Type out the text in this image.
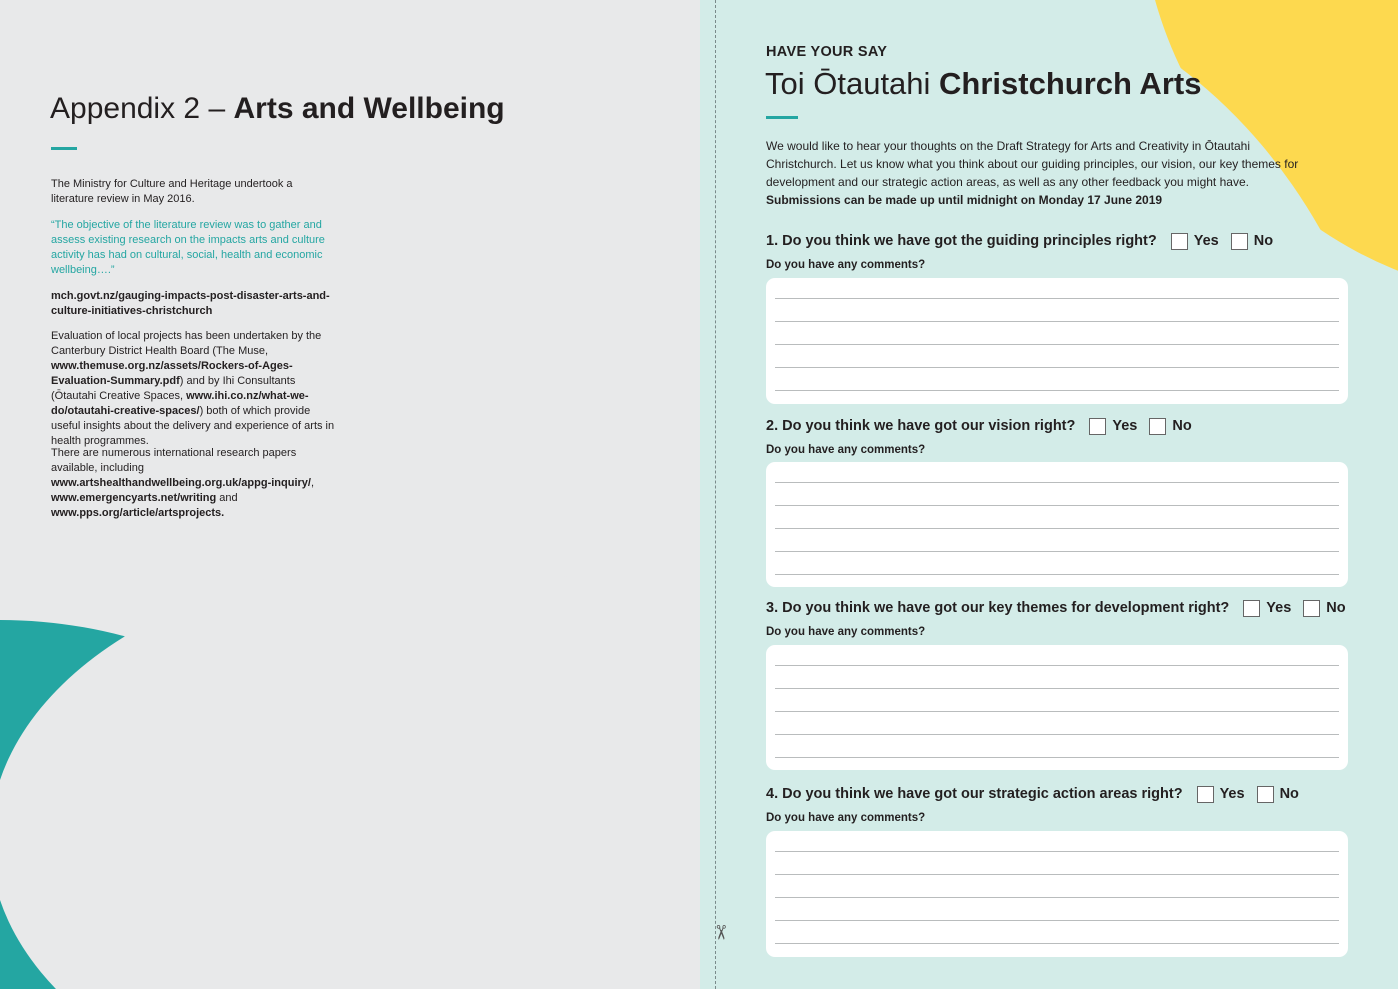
Appendix 2 – Arts and Wellbeing

The Ministry for Culture and Heritage undertook a literature review in May 2016.

“The objective of the literature review was to gather and assess existing research on the impacts arts and culture activity has had on cultural, social, health and economic wellbeing….”

mch.govt.nz/gauging-impacts-post-disaster-arts-and-culture-initiatives-christchurch

Evaluation of local projects has been undertaken by the Canterbury District Health Board (The Muse, www.themuse.org.nz/assets/Rockers-of-Ages-Evaluation-Summary.pdf) and by Ihi Consultants (Ōtautahi Creative Spaces, www.ihi.co.nz/what-we-do/otautahi-creative-spaces/) both of which provide useful insights about the delivery and experience of arts in health programmes.

There are numerous international research papers available, including www.artshealthandwellbeing.org.uk/appg-inquiry/, www.emergencyarts.net/writing and www.pps.org/article/artsprojects.

✂

HAVE YOUR SAY

Toi Ōtautahi Christchurch Arts

We would like to hear your thoughts on the Draft Strategy for Arts and Creativity in Ōtautahi Christchurch. Let us know what you think about our guiding principles, our vision, our key themes for development and our strategic action areas, as well as any other feedback you might have.
Submissions can be made up until midnight on Monday 17 June 2019

1. Do you think we have got the guiding principles right?	Yes No

Do you have any comments?

2. Do you think we have got our vision right?	Yes No

Do you have any comments?

3. Do you think we have got our key themes for development right?	Yes No

Do you have any comments?

4. Do you think we have got our strategic action areas right?	Yes No

Do you have any comments?
